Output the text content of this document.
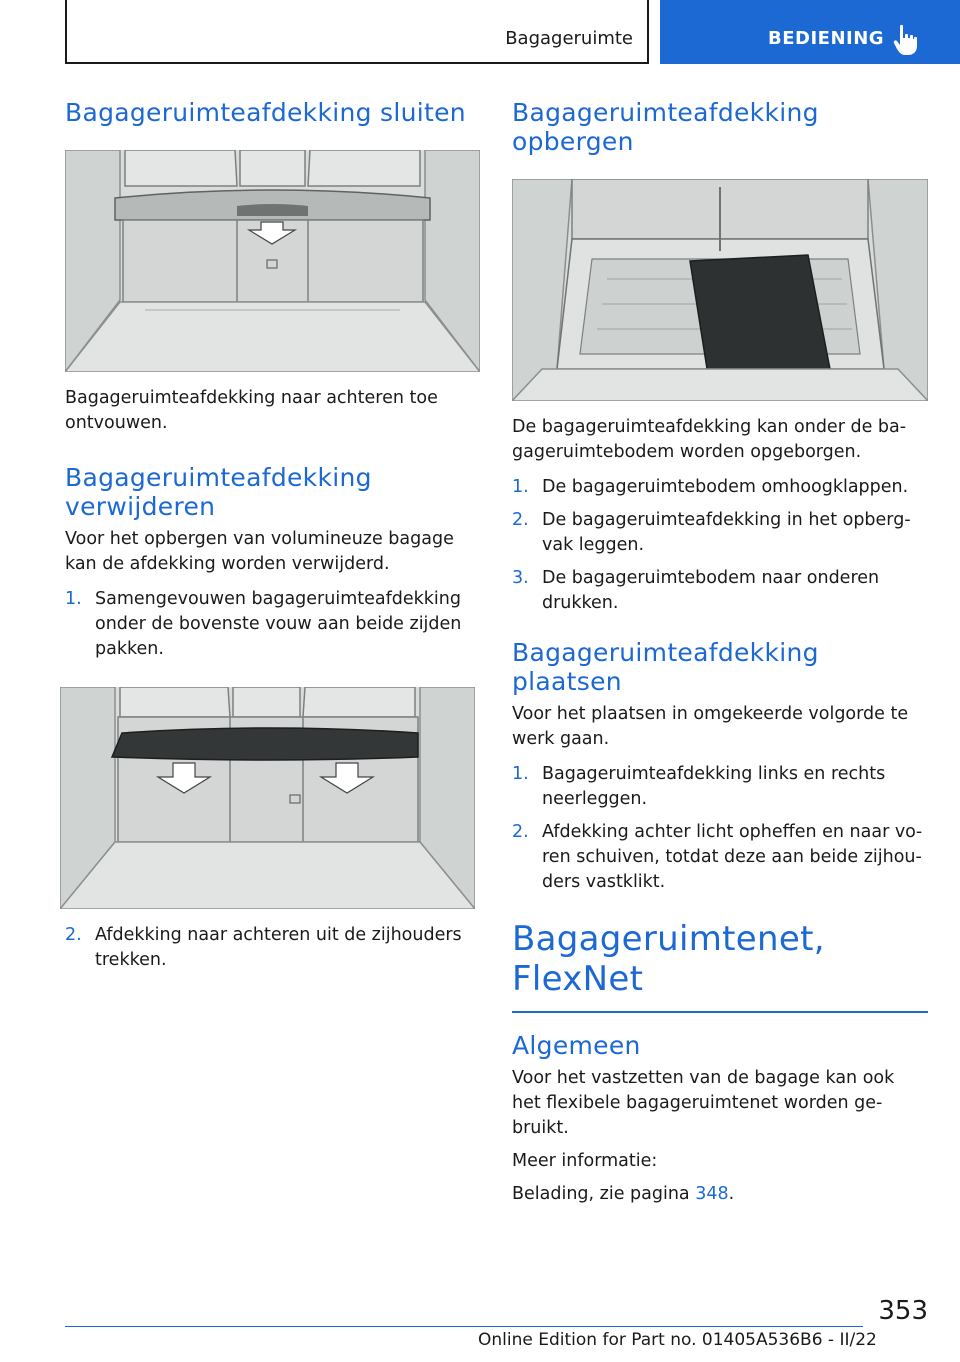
Bagageruimte	BEDIENING
Bagageruimteafdekking sluiten

Bagageruimteafdekking naar achteren toe ontvouwen.

Bagageruimteafdekking verwijderen

Voor het opbergen van volumineuze bagage kan de afdekking worden verwijderd.

1. Samengevouwen bagageruimteafdekking onder de bovenste vouw aan beide zijden pakken.
2. Afdekking naar achteren uit de zijhouders trekken.
Bagageruimteafdekking opbergen

De bagageruimteafdekking kan onder de bagageruimtebodem worden opgeborgen.

1. De bagageruimtebodem omhoogklappen.
2. De bagageruimteafdekking in het opbergvak leggen.
3. De bagageruimtebodem naar onderen drukken.
Bagageruimteafdekking plaatsen

Voor het plaatsen in omgekeerde volgorde te werk gaan.

1. Bagageruimteafdekking links en rechts neerleggen.
2. Afdekking achter licht opheffen en naar voren schuiven, totdat deze aan beide zijhouders vastklikt.
Bagageruimtenet, FlexNet
Algemeen

Voor het vastzetten van de bagage kan ook het flexibele bagageruimtenet worden gebruikt.

Meer informatie:

Belading, zie pagina 348.

353
Online Edition for Part no. 01405A536B6 - II/22
